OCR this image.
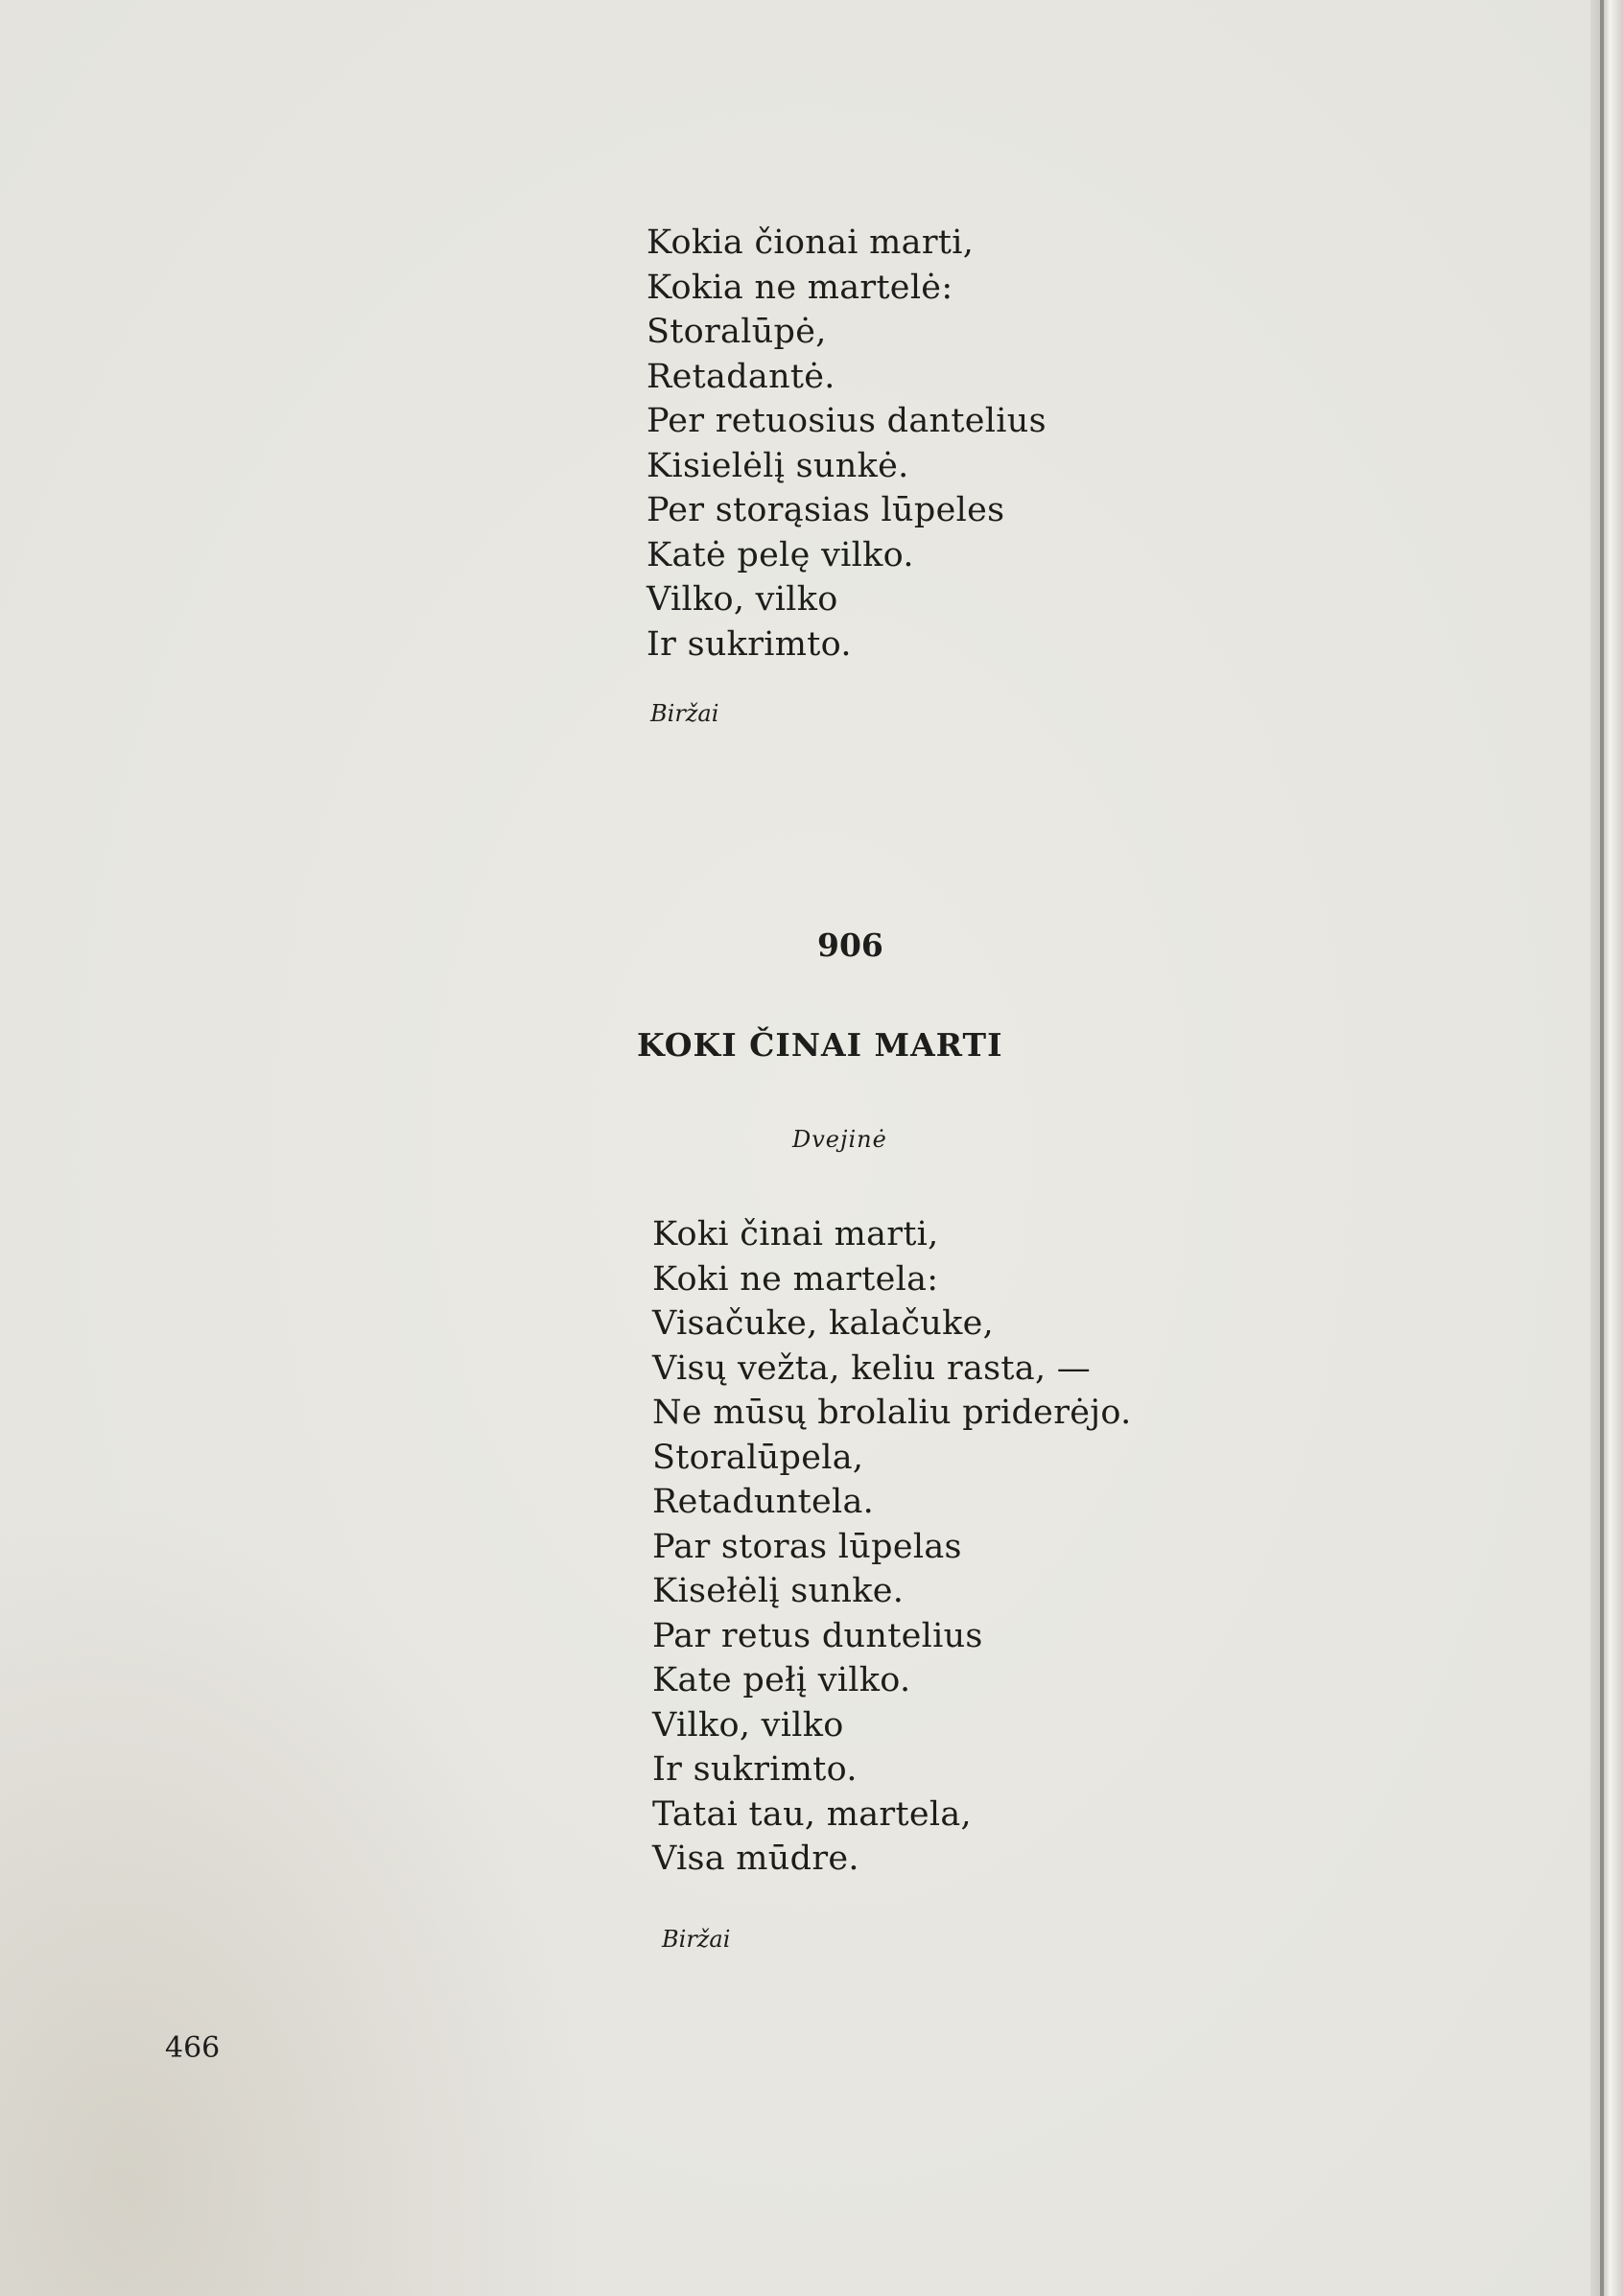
Kokia čionai marti,
Kokia ne martelė:
Storalūpė,
Retadantė.
Per retuosius dantelius
Kisielėlį sunkė.
Per storąsias lūpeles
Katė pelę vilko.
Vilko, vilko
Ir sukrimto.
Biržai
906
KOKI ČINAI MARTI
Dvejinė
Koki činai marti,
Koki ne martela:
Visačuke, kalačuke,
Visų vežta, keliu rasta, —
Ne mūsų brolaliu priderėjo.
Storalūpela,
Retaduntela.
Par storas lūpelas
Kisełėlį sunke.
Par retus duntelius
Kate pełį vilko.
Vilko, vilko
Ir sukrimto.
Tatai tau, martela,
Visa mūdre.
Biržai
466
